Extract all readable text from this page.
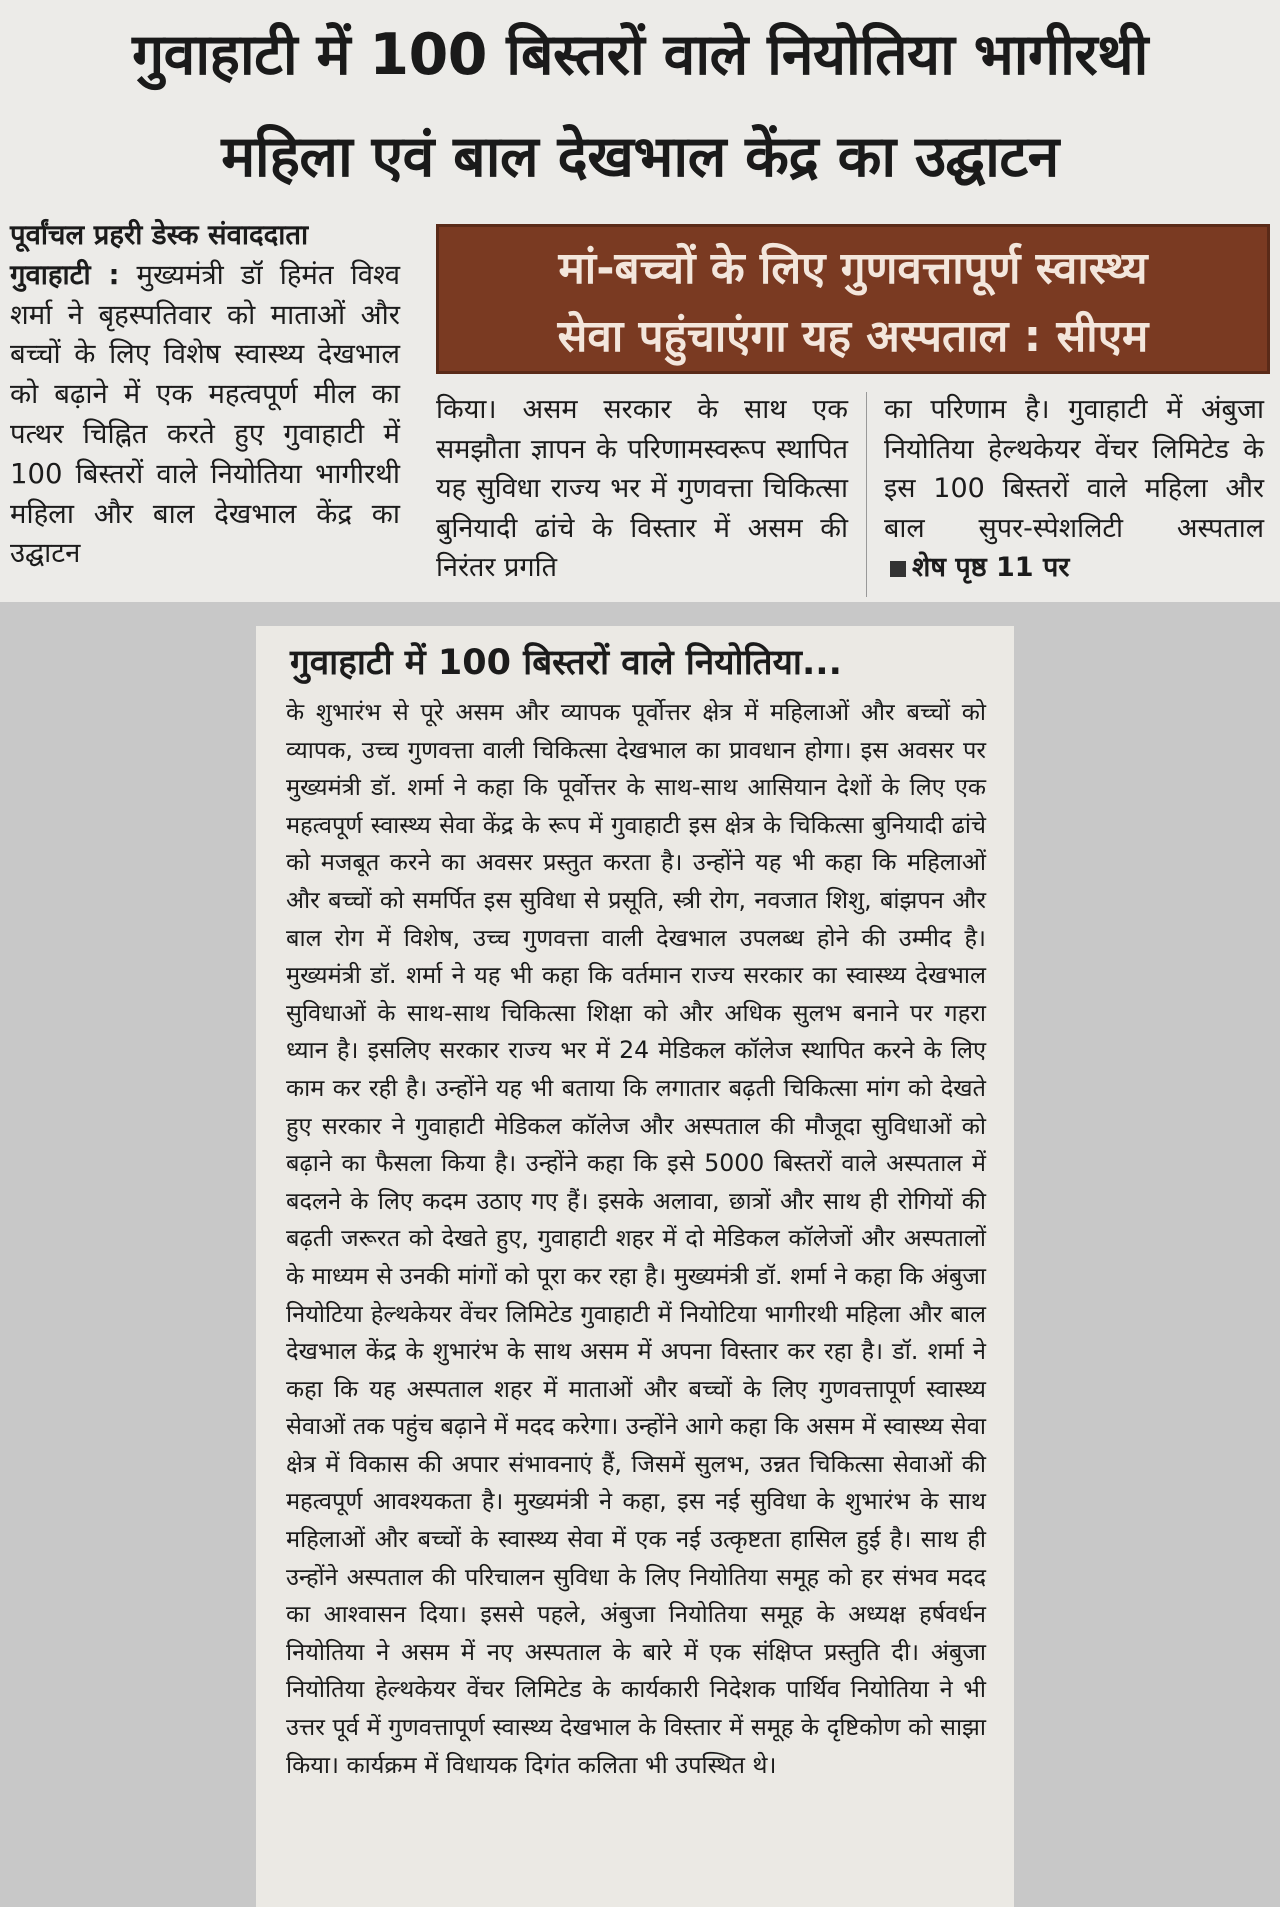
गुवाहाटी में 100 बिस्तरों वाले नियोतिया भागीरथी
महिला एवं बाल देखभाल केंद्र का उद्घाटन
पूर्वांचल प्रहरी डेस्क संवाददाता
गुवाहाटी : मुख्यमंत्री डॉ हिमंत विश्व शर्मा ने बृहस्पतिवार को माताओं और बच्चों के लिए विशेष स्वास्थ्य देखभाल को बढ़ाने में एक महत्वपूर्ण मील का पत्थर चिह्नित करते हुए गुवाहाटी में 100 बिस्तरों वाले नियोतिया भागीरथी महिला और बाल देखभाल केंद्र का उद्घाटन
मां-बच्चों के लिए गुणवत्तापूर्ण स्वास्थ्य
सेवा पहुंचाएंगा यह अस्पताल : सीएम
किया। असम सरकार के साथ एक समझौता ज्ञापन के परिणामस्वरूप स्थापित यह सुविधा राज्य भर में गुणवत्ता चिकित्सा बुनियादी ढांचे के विस्तार में असम की निरंतर प्रगति
का परिणाम है। गुवाहाटी में अंबुजा नियोतिया हेल्थकेयर वेंचर लिमिटेड के इस 100 बिस्तरों वाले महिला और बाल सुपर-स्पेशलिटी अस्पताल शेष पृष्ठ 11 पर
गुवाहाटी में 100 बिस्तरों वाले नियोतिया...

के शुभारंभ से पूरे असम और व्यापक पूर्वोत्तर क्षेत्र में महिलाओं और बच्चों को व्यापक, उच्च गुणवत्ता वाली चिकित्सा देखभाल का प्रावधान होगा। इस अवसर पर मुख्यमंत्री डॉ. शर्मा ने कहा कि पूर्वोत्तर के साथ-साथ आसियान देशों के लिए एक महत्वपूर्ण स्वास्थ्य सेवा केंद्र के रूप में गुवाहाटी इस क्षेत्र के चिकित्सा बुनियादी ढांचे को मजबूत करने का अवसर प्रस्तुत करता है। उन्होंने यह भी कहा कि महिलाओं और बच्चों को समर्पित इस सुविधा से प्रसूति, स्त्री रोग, नवजात शिशु, बांझपन और बाल रोग में विशेष, उच्च गुणवत्ता वाली देखभाल उपलब्ध होने की उम्मीद है। मुख्यमंत्री डॉ. शर्मा ने यह भी कहा कि वर्तमान राज्य सरकार का स्वास्थ्य देखभाल सुविधाओं के साथ-साथ चिकित्सा शिक्षा को और अधिक सुलभ बनाने पर गहरा ध्यान है। इसलिए सरकार राज्य भर में 24 मेडिकल कॉलेज स्थापित करने के लिए काम कर रही है। उन्होंने यह भी बताया कि लगातार बढ़ती चिकित्सा मांग को देखते हुए सरकार ने गुवाहाटी मेडिकल कॉलेज और अस्पताल की मौजूदा सुविधाओं को बढ़ाने का फैसला किया है। उन्होंने कहा कि इसे 5000 बिस्तरों वाले अस्पताल में बदलने के लिए कदम उठाए गए हैं। इसके अलावा, छात्रों और साथ ही रोगियों की बढ़ती जरूरत को देखते हुए, गुवाहाटी शहर में दो मेडिकल कॉलेजों और अस्पतालों के माध्यम से उनकी मांगों को पूरा कर रहा है। मुख्यमंत्री डॉ. शर्मा ने कहा कि अंबुजा नियोटिया हेल्थकेयर वेंचर लिमिटेड गुवाहाटी में नियोटिया भागीरथी महिला और बाल देखभाल केंद्र के शुभारंभ के साथ असम में अपना विस्तार कर रहा है। डॉ. शर्मा ने कहा कि यह अस्पताल शहर में माताओं और बच्चों के लिए गुणवत्तापूर्ण स्वास्थ्य सेवाओं तक पहुंच बढ़ाने में मदद करेगा। उन्होंने आगे कहा कि असम में स्वास्थ्य सेवा क्षेत्र में विकास की अपार संभावनाएं हैं, जिसमें सुलभ, उन्नत चिकित्सा सेवाओं की महत्वपूर्ण आवश्यकता है। मुख्यमंत्री ने कहा, इस नई सुविधा के शुभारंभ के साथ महिलाओं और बच्चों के स्वास्थ्य सेवा में एक नई उत्कृष्टता हासिल हुई है। साथ ही उन्होंने अस्पताल की परिचालन सुविधा के लिए नियोतिया समूह को हर संभव मदद का आश्वासन दिया। इससे पहले, अंबुजा नियोतिया समूह के अध्यक्ष हर्षवर्धन नियोतिया ने असम में नए अस्पताल के बारे में एक संक्षिप्त प्रस्तुति दी। अंबुजा नियोतिया हेल्थकेयर वेंचर लिमिटेड के कार्यकारी निदेशक पार्थिव नियोतिया ने भी उत्तर पूर्व में गुणवत्तापूर्ण स्वास्थ्य देखभाल के विस्तार में समूह के दृष्टिकोण को साझा किया। कार्यक्रम में विधायक दिगंत कलिता भी उपस्थित थे।
